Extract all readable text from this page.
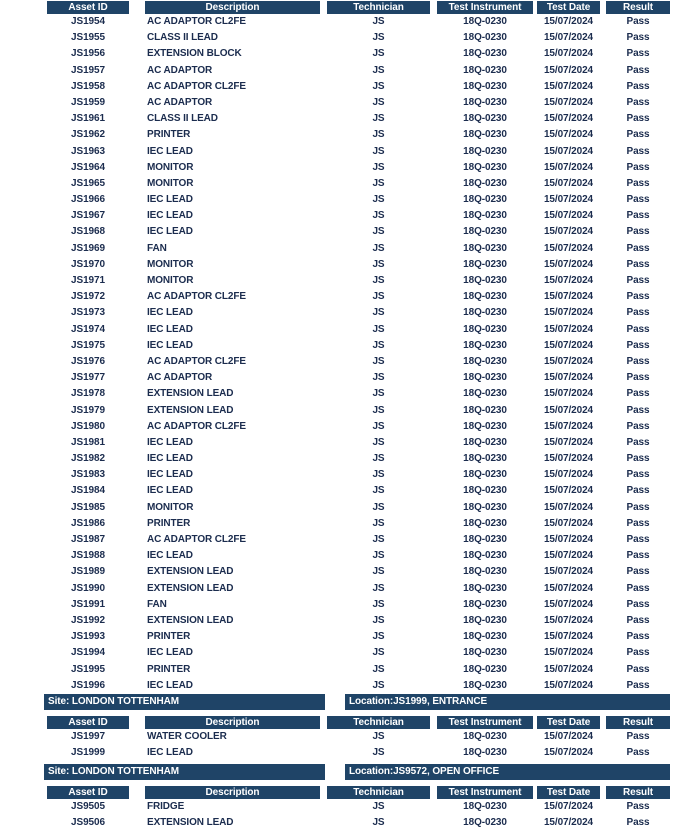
Asset ID	Description	Technician	Test Instrument	Test Date	Result
JS1954	AC ADAPTOR CL2FE	JS	18Q-0230	15/07/2024	Pass
JS1955	CLASS II LEAD	JS	18Q-0230	15/07/2024	Pass
JS1956	EXTENSION BLOCK	JS	18Q-0230	15/07/2024	Pass
JS1957	AC ADAPTOR	JS	18Q-0230	15/07/2024	Pass
JS1958	AC ADAPTOR CL2FE	JS	18Q-0230	15/07/2024	Pass
JS1959	AC ADAPTOR	JS	18Q-0230	15/07/2024	Pass
JS1961	CLASS II LEAD	JS	18Q-0230	15/07/2024	Pass
JS1962	PRINTER	JS	18Q-0230	15/07/2024	Pass
JS1963	IEC LEAD	JS	18Q-0230	15/07/2024	Pass
JS1964	MONITOR	JS	18Q-0230	15/07/2024	Pass
JS1965	MONITOR	JS	18Q-0230	15/07/2024	Pass
JS1966	IEC LEAD	JS	18Q-0230	15/07/2024	Pass
JS1967	IEC LEAD	JS	18Q-0230	15/07/2024	Pass
JS1968	IEC LEAD	JS	18Q-0230	15/07/2024	Pass
JS1969	FAN	JS	18Q-0230	15/07/2024	Pass
JS1970	MONITOR	JS	18Q-0230	15/07/2024	Pass
JS1971	MONITOR	JS	18Q-0230	15/07/2024	Pass
JS1972	AC ADAPTOR CL2FE	JS	18Q-0230	15/07/2024	Pass
JS1973	IEC LEAD	JS	18Q-0230	15/07/2024	Pass
JS1974	IEC LEAD	JS	18Q-0230	15/07/2024	Pass
JS1975	IEC LEAD	JS	18Q-0230	15/07/2024	Pass
JS1976	AC ADAPTOR CL2FE	JS	18Q-0230	15/07/2024	Pass
JS1977	AC ADAPTOR	JS	18Q-0230	15/07/2024	Pass
JS1978	EXTENSION LEAD	JS	18Q-0230	15/07/2024	Pass
JS1979	EXTENSION LEAD	JS	18Q-0230	15/07/2024	Pass
JS1980	AC ADAPTOR CL2FE	JS	18Q-0230	15/07/2024	Pass
JS1981	IEC LEAD	JS	18Q-0230	15/07/2024	Pass
JS1982	IEC LEAD	JS	18Q-0230	15/07/2024	Pass
JS1983	IEC LEAD	JS	18Q-0230	15/07/2024	Pass
JS1984	IEC LEAD	JS	18Q-0230	15/07/2024	Pass
JS1985	MONITOR	JS	18Q-0230	15/07/2024	Pass
JS1986	PRINTER	JS	18Q-0230	15/07/2024	Pass
JS1987	AC ADAPTOR CL2FE	JS	18Q-0230	15/07/2024	Pass
JS1988	IEC LEAD	JS	18Q-0230	15/07/2024	Pass
JS1989	EXTENSION LEAD	JS	18Q-0230	15/07/2024	Pass
JS1990	EXTENSION LEAD	JS	18Q-0230	15/07/2024	Pass
JS1991	FAN	JS	18Q-0230	15/07/2024	Pass
JS1992	EXTENSION LEAD	JS	18Q-0230	15/07/2024	Pass
JS1993	PRINTER	JS	18Q-0230	15/07/2024	Pass
JS1994	IEC LEAD	JS	18Q-0230	15/07/2024	Pass
JS1995	PRINTER	JS	18Q-0230	15/07/2024	Pass
JS1996	IEC LEAD	JS	18Q-0230	15/07/2024	Pass
Site: LONDON TOTTENHAM	Location:JS1999, ENTRANCE
Asset ID	Description	Technician	Test Instrument	Test Date	Result
JS1997	WATER COOLER	JS	18Q-0230	15/07/2024	Pass
JS1999	IEC LEAD	JS	18Q-0230	15/07/2024	Pass
Site: LONDON TOTTENHAM	Location:JS9572, OPEN OFFICE
Asset ID	Description	Technician	Test Instrument	Test Date	Result
JS9505	FRIDGE	JS	18Q-0230	15/07/2024	Pass
JS9506	EXTENSION LEAD	JS	18Q-0230	15/07/2024	Pass
